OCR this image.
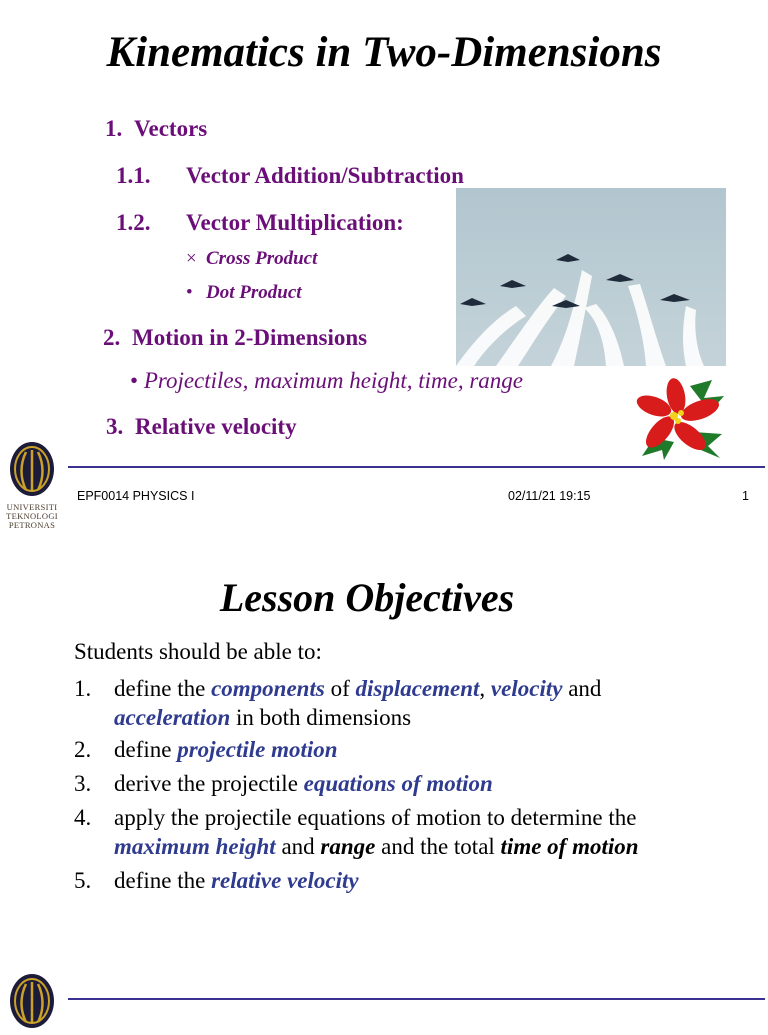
Kinematics in Two-Dimensions
1. Vectors
1.1. Vector Addition/Subtraction
1.2. Vector Multiplication:
× Cross Product
• Dot Product
2. Motion in 2-Dimensions
• Projectiles, maximum height, time, range
3. Relative velocity
UNIVERSITI
TEKNOLOGI
PETRONAS
EPF0014 PHYSICS I	02/11/21 19:15	1
Lesson Objectives
Students should be able to:
1. define the components of displacement, velocity and
acceleration in both dimensions
2. define projectile motion
3. derive the projectile equations of motion
4. apply the projectile equations of motion to determine the
maximum height and range and the total time of motion
5. define the relative velocity
